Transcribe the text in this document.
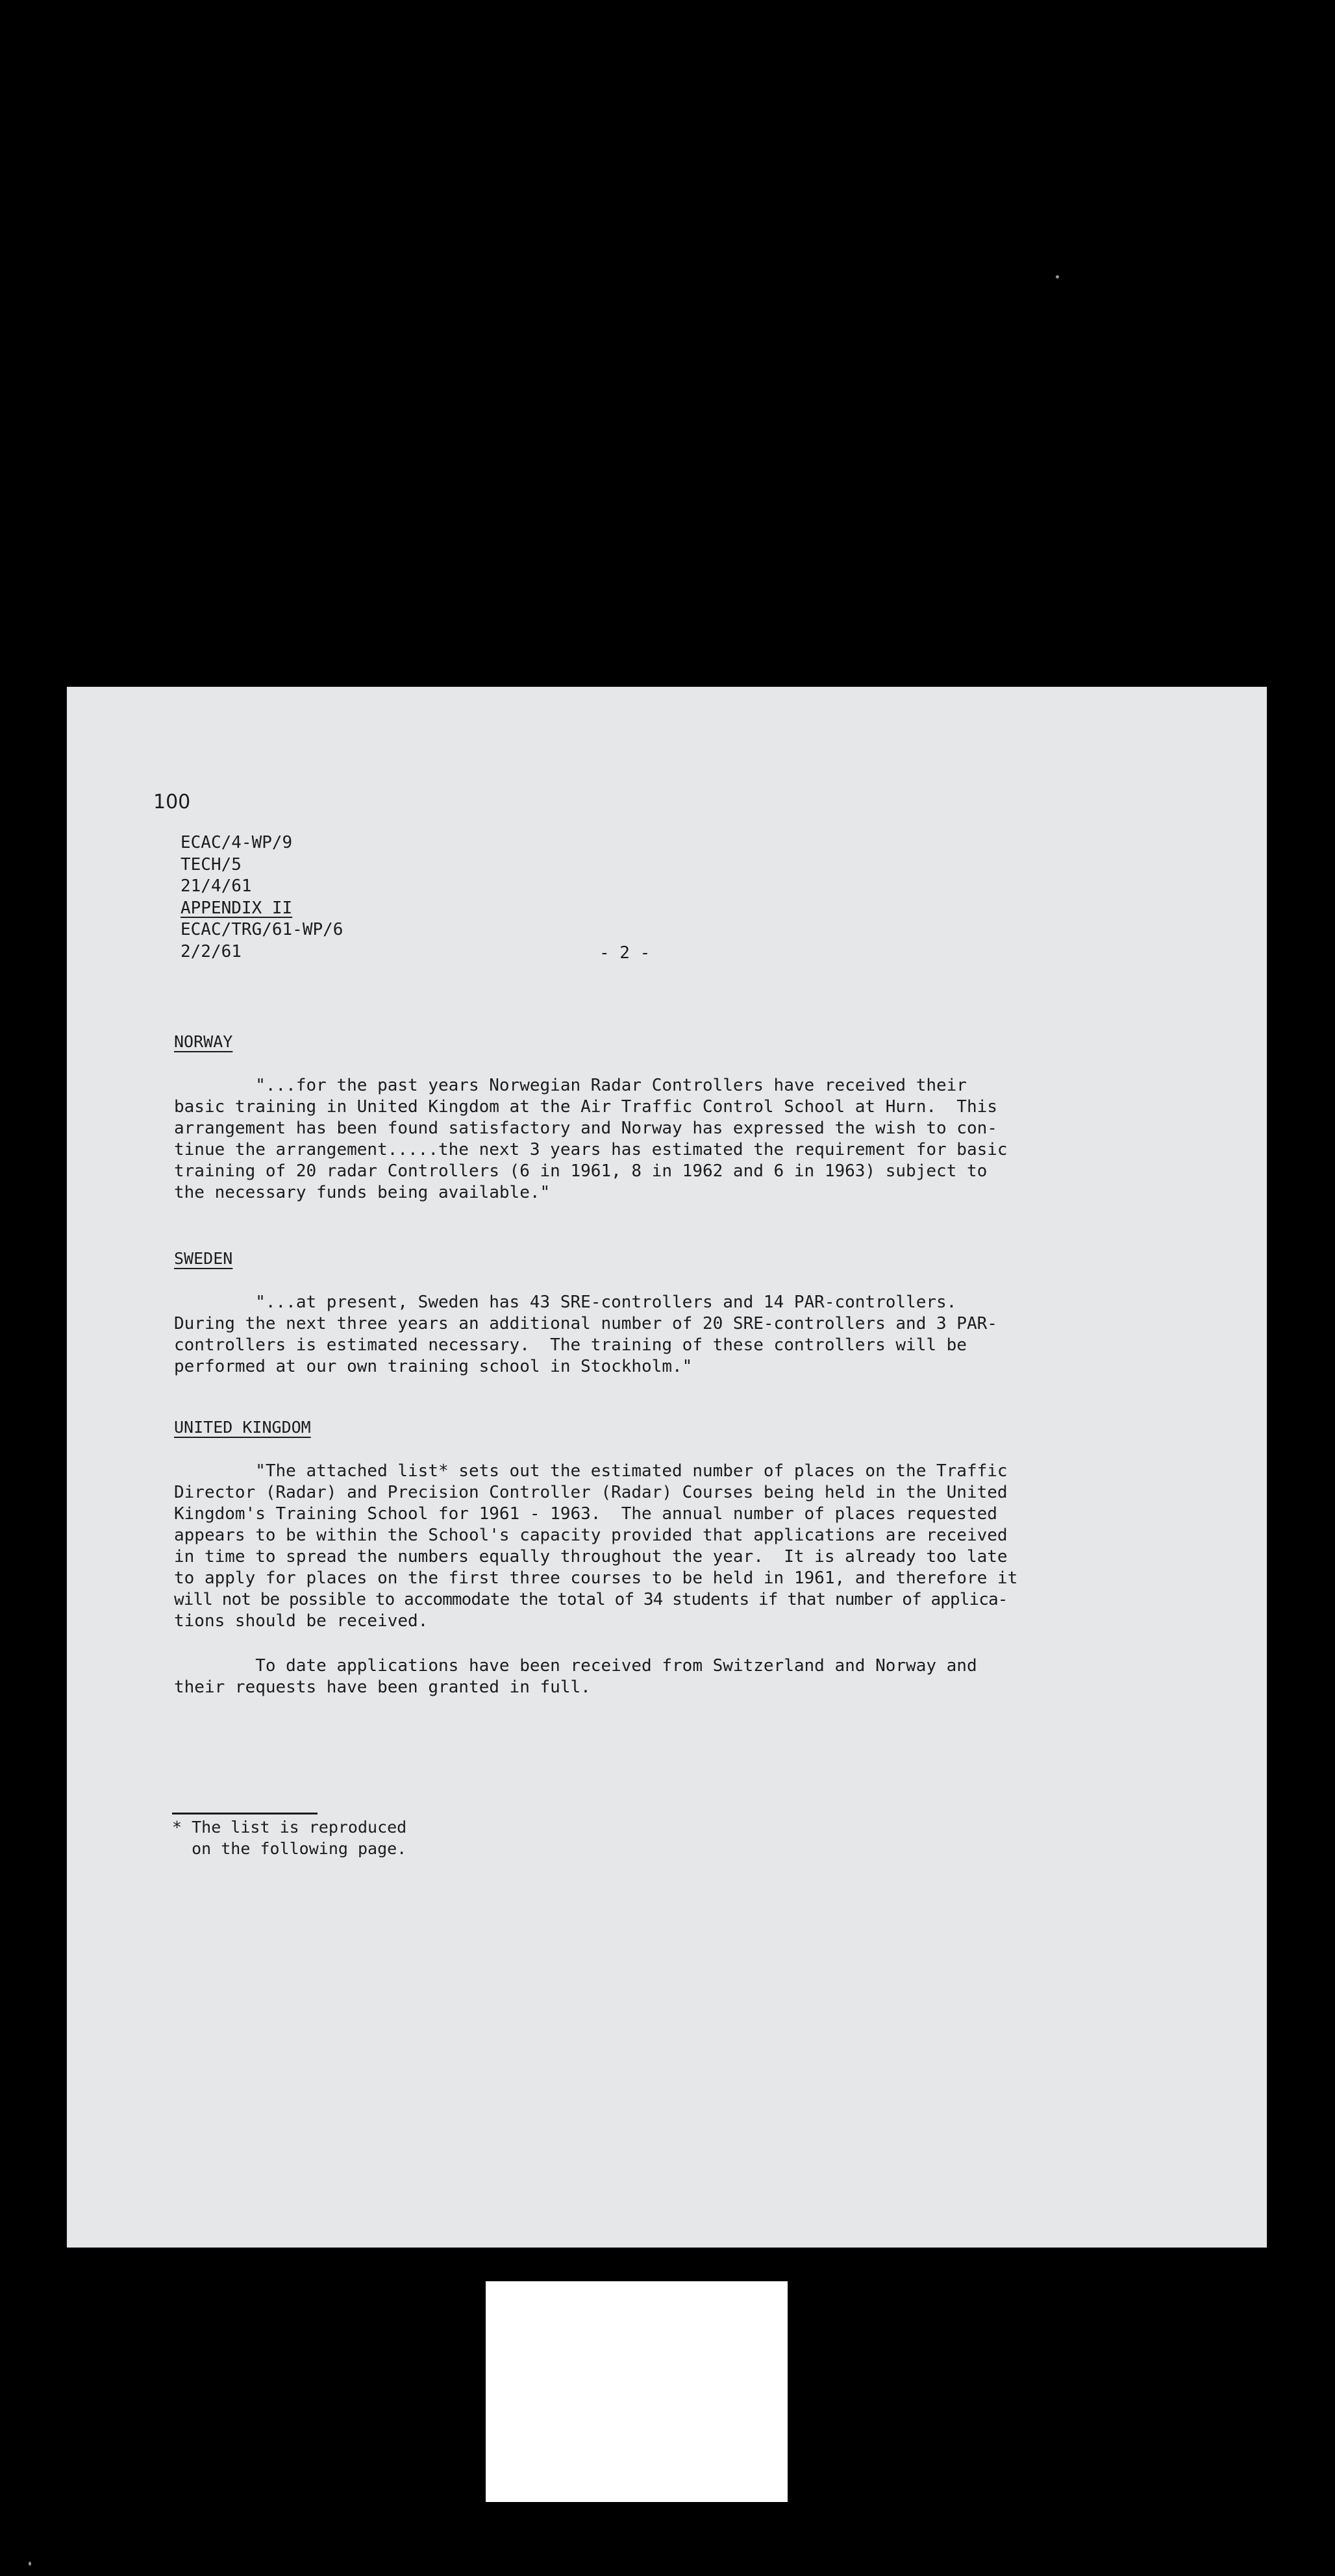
100
ECAC/4-WP/9
TECH/5
21/4/61
APPENDIX II
ECAC/TRG/61-WP/6
2/2/61	- 2 -
NORWAY
"...for the past years Norwegian Radar Controllers have received their
basic training in United Kingdom at the Air Traffic Control School at Hurn.  This
arrangement has been found satisfactory and Norway has expressed the wish to con-
tinue the arrangement.....the next 3 years has estimated the requirement for basic
training of 20 radar Controllers (6 in 1961, 8 in 1962 and 6 in 1963) subject to
the necessary funds being available."
SWEDEN
"...at present, Sweden has 43 SRE-controllers and 14 PAR-controllers.
During the next three years an additional number of 20 SRE-controllers and 3 PAR-
controllers is estimated necessary.  The training of these controllers will be
performed at our own training school in Stockholm."
UNITED KINGDOM
"The attached list* sets out the estimated number of places on the Traffic
Director (Radar) and Precision Controller (Radar) Courses being held in the United
Kingdom's Training School for 1961 - 1963.  The annual number of places requested
appears to be within the School's capacity provided that applications are received
in time to spread the numbers equally throughout the year.  It is already too late
to apply for places on the first three courses to be held in 1961, and therefore it
will not be possible to accommodate the total of 34 students if that number of applica-
tions should be received.
To date applications have been received from Switzerland and Norway and
their requests have been granted in full.
* The list is reproduced
on the following page.
